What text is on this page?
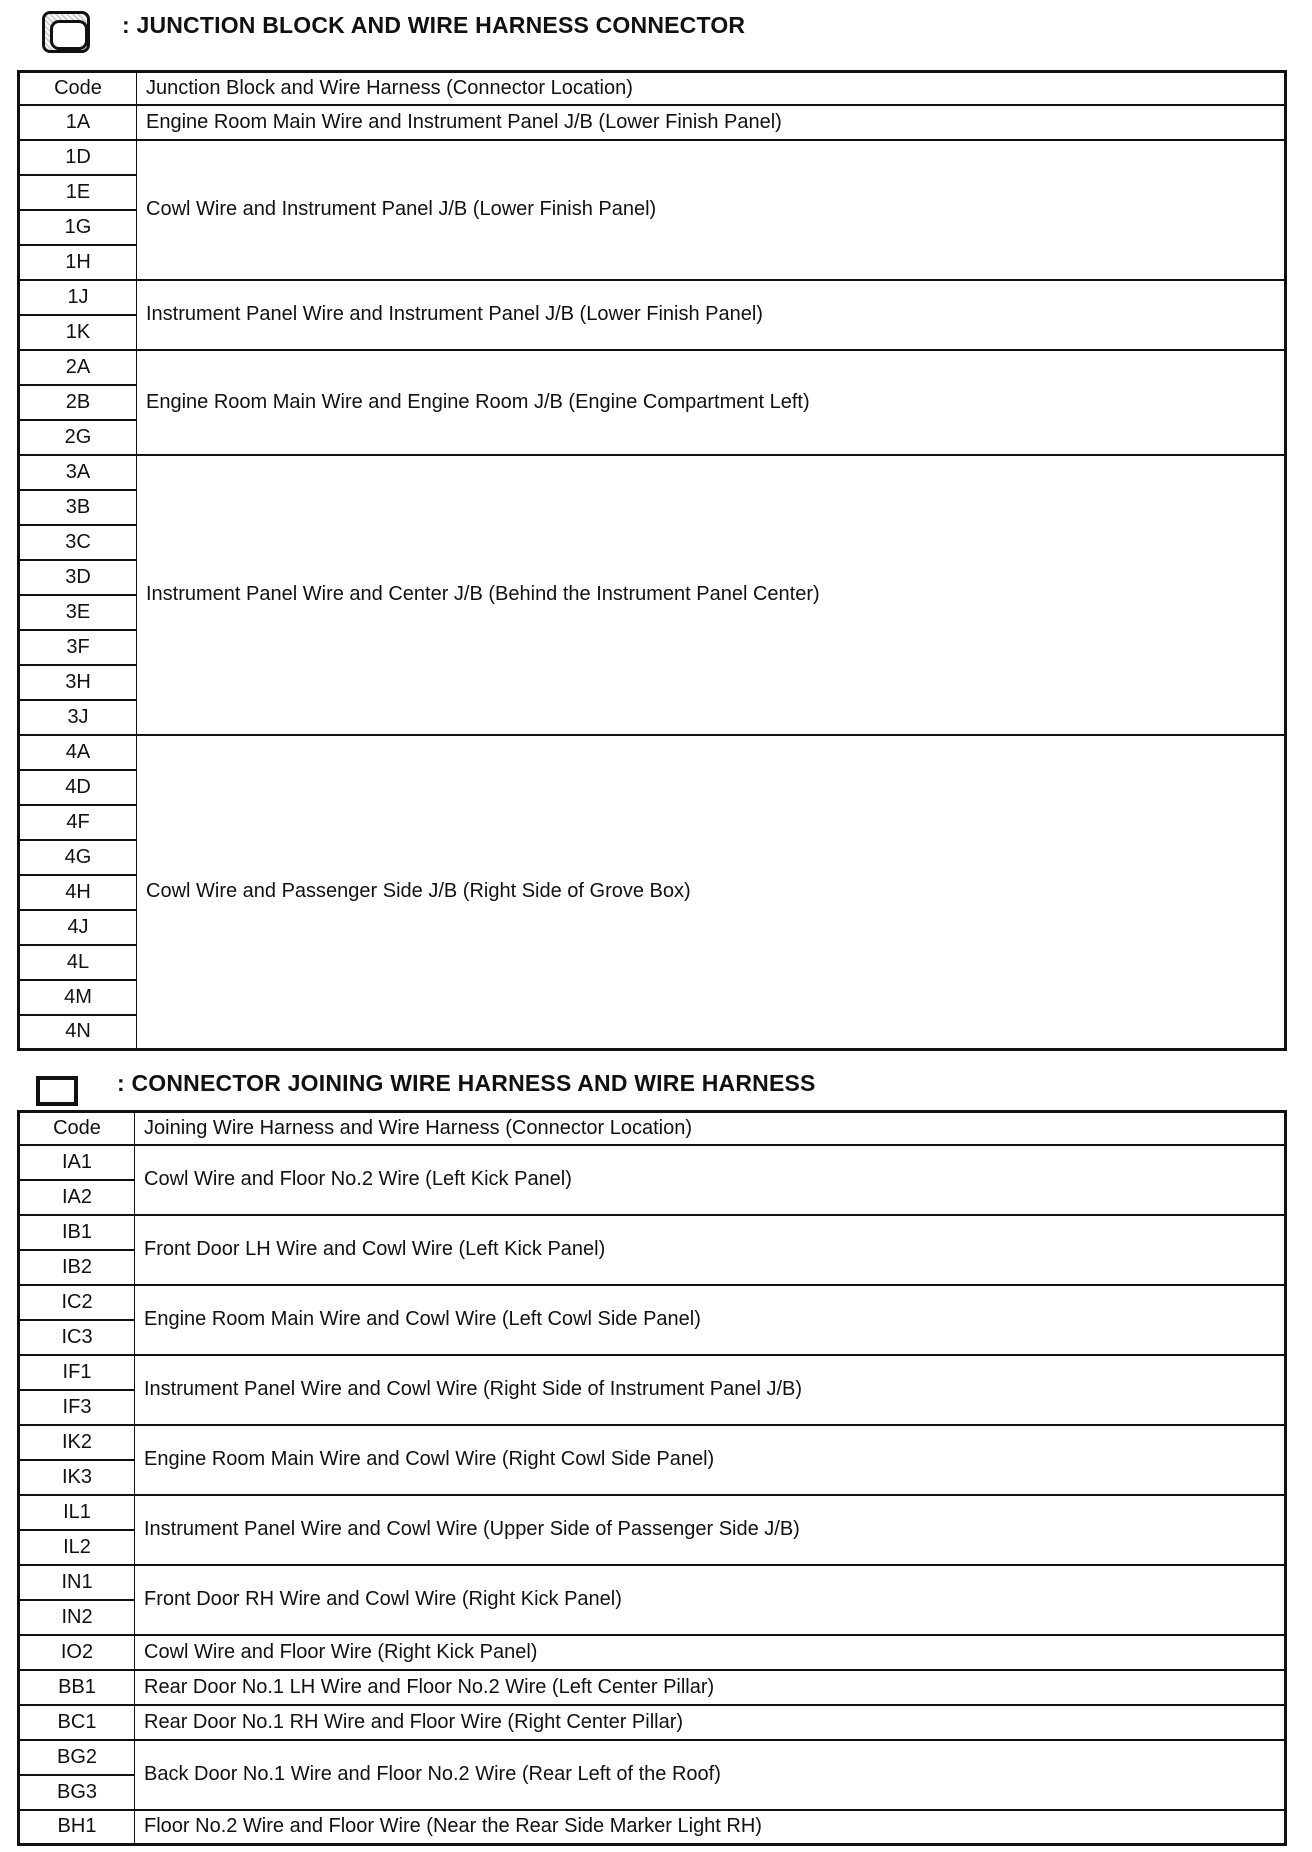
: JUNCTION BLOCK AND WIRE HARNESS CONNECTOR
Code	Junction Block and Wire Harness (Connector Location)
1A	Engine Room Main Wire and Instrument Panel J/B (Lower Finish Panel)
1D	Cowl Wire and Instrument Panel J/B (Lower Finish Panel)
1E	
1G	
1H	
1J	Instrument Panel Wire and Instrument Panel J/B (Lower Finish Panel)
1K	
2A	Engine Room Main Wire and Engine Room J/B (Engine Compartment Left)
2B	
2G	
3A	Instrument Panel Wire and Center J/B (Behind the Instrument Panel Center)
3B	
3C	
3D	
3E	
3F	
3H	
3J	
4A	Cowl Wire and Passenger Side J/B (Right Side of Grove Box)
4D	
4F	
4G	
4H	
4J	
4L	
4M	
4N	
: CONNECTOR JOINING WIRE HARNESS AND WIRE HARNESS
Code	Joining Wire Harness and Wire Harness (Connector Location)
IA1	Cowl Wire and Floor No.2 Wire (Left Kick Panel)
IA2	
IB1	Front Door LH Wire and Cowl Wire (Left Kick Panel)
IB2	
IC2	Engine Room Main Wire and Cowl Wire (Left Cowl Side Panel)
IC3	
IF1	Instrument Panel Wire and Cowl Wire (Right Side of Instrument Panel J/B)
IF3	
IK2	Engine Room Main Wire and Cowl Wire (Right Cowl Side Panel)
IK3	
IL1	Instrument Panel Wire and Cowl Wire (Upper Side of Passenger Side J/B)
IL2	
IN1	Front Door RH Wire and Cowl Wire (Right Kick Panel)
IN2	
IO2	Cowl Wire and Floor Wire (Right Kick Panel)
BB1	Rear Door No.1 LH Wire and Floor No.2 Wire (Left Center Pillar)
BC1	Rear Door No.1 RH Wire and Floor Wire (Right Center Pillar)
BG2	Back Door No.1 Wire and Floor No.2 Wire (Rear Left of the Roof)
BG3	
BH1	Floor No.2 Wire and Floor Wire (Near the Rear Side Marker Light RH)
